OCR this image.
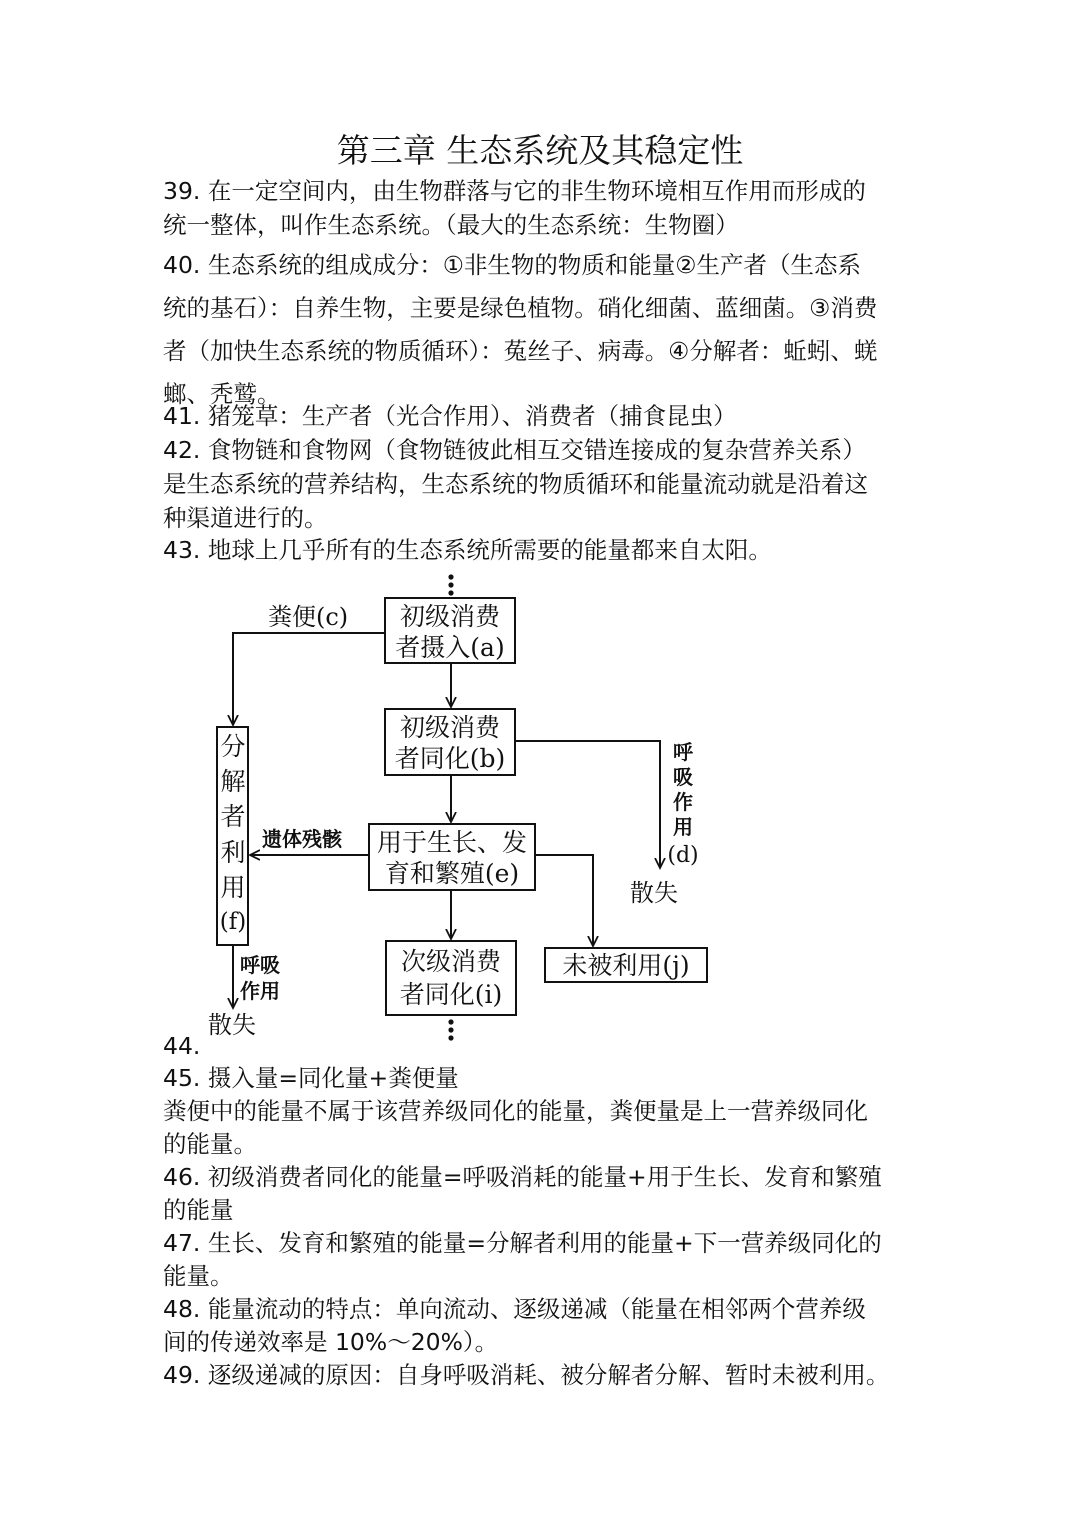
第三章 生态系统及其稳定性

39. 在一定空间内，由生物群落与它的非生物环境相互作用而形成的
统一整体，叫作生态系统。（最大的生态系统：生物圈）

40. 生态系统的组成成分：①非生物的物质和能量②生产者（生态系
统的基石）：自养生物，主要是绿色植物。硝化细菌、蓝细菌。③消费
者（加快生态系统的物质循环）：菟丝子、病毒。④分解者：蚯蚓、蜣
螂、秃鹫。

41. 猪笼草：生产者（光合作用）、消费者（捕食昆虫）

42. 食物链和食物网（食物链彼此相互交错连接成的复杂营养关系）
是生态系统的营养结构，生态系统的物质循环和能量流动就是沿着这
种渠道进行的。

43. 地球上几乎所有的生态系统所需要的能量都来自太阳。

初级消费
者摄入(a)
初级消费
者同化(b)
用于生长、发
育和繁殖(e)
次级消费
者同化(i)
未被利用(j)
分
解
者
利
用
(f)
粪便(c)
遗体残骸
呼
吸
作
用
(d)
散失
呼吸
作用
散失

44.

45. 摄入量=同化量+粪便量
粪便中的能量不属于该营养级同化的能量，粪便量是上一营养级同化
的能量。

46. 初级消费者同化的能量=呼吸消耗的能量+用于生长、发育和繁殖
的能量

47. 生长、发育和繁殖的能量=分解者利用的能量+下一营养级同化的
能量。

48. 能量流动的特点：单向流动、逐级递减（能量在相邻两个营养级
间的传递效率是 10%～20%）。

49. 逐级递减的原因：自身呼吸消耗、被分解者分解、暂时未被利用。
